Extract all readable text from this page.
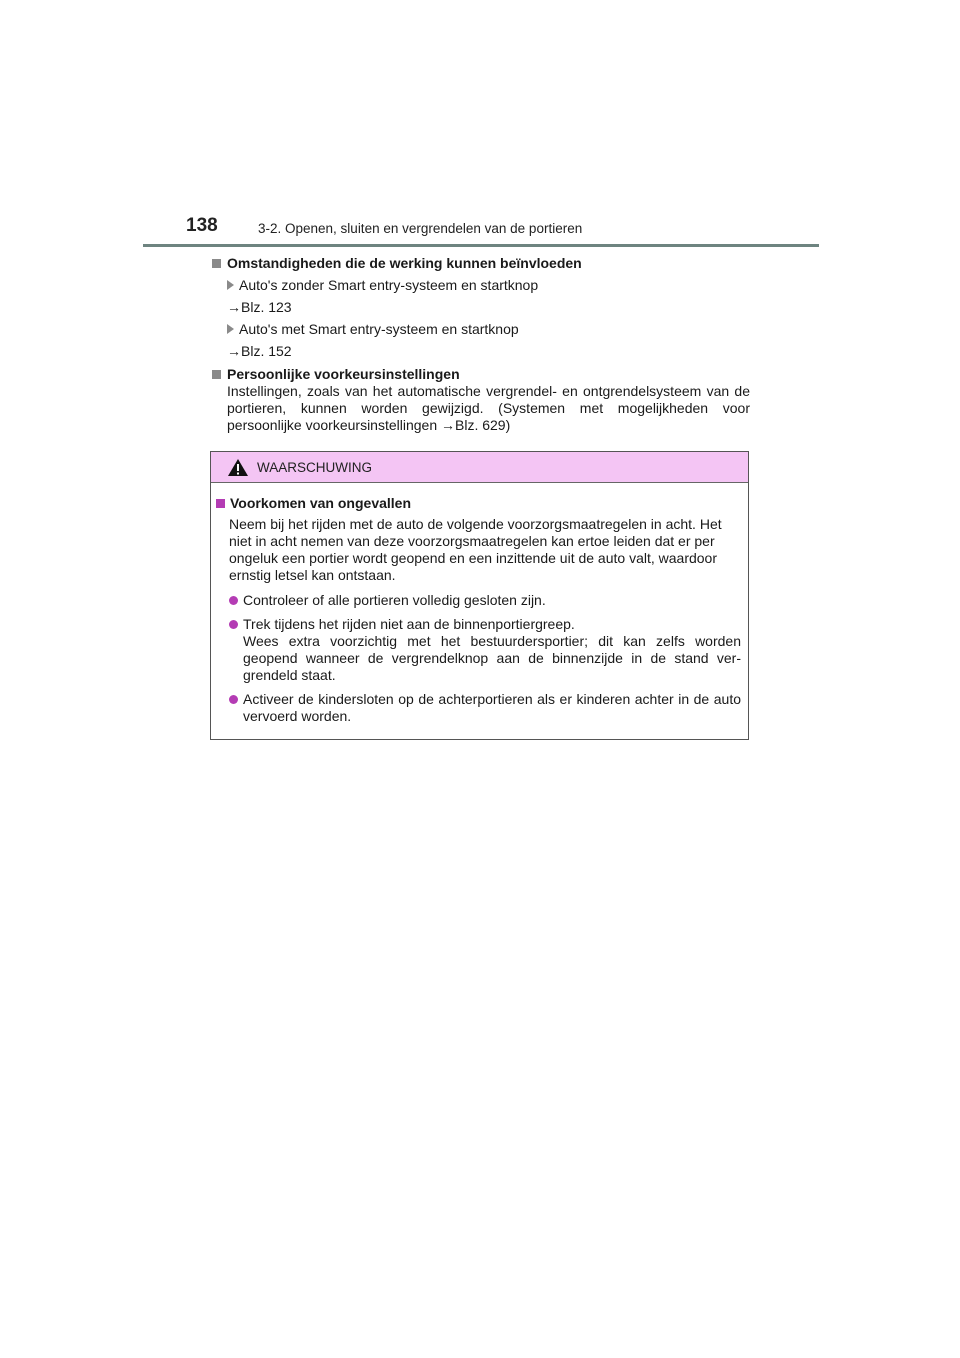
138	3-2. Openen, sluiten en vergrendelen van de portieren
Omstandigheden die de werking kunnen beïnvloeden
Auto's zonder Smart entry-systeem en startknop
→Blz. 123
Auto's met Smart entry-systeem en startknop
→Blz. 152
Persoonlijke voorkeursinstellingen
Instellingen, zoals van het automatische vergrendel- en ontgrendelsysteem van de portieren, kunnen worden gewijzigd. (Systemen met mogelijkheden voor persoonlijke voorkeursinstellingen →Blz. 629)
WAARSCHUWING
Voorkomen van ongevallen
Neem bij het rijden met de auto de volgende voorzorgsmaatregelen in acht. Het niet in acht nemen van deze voorzorgsmaatregelen kan ertoe leiden dat er per ongeluk een portier wordt geopend en een inzittende uit de auto valt, waardoor ernstig letsel kan ontstaan.
Controleer of alle portieren volledig gesloten zijn.
Trek tijdens het rijden niet aan de binnenportiergreep.
Wees extra voorzichtig met het bestuurdersportier; dit kan zelfs worden geopend wanneer de vergrendelknop aan de binnenzijde in de stand ver-grendeld staat.
Activeer de kindersloten op de achterportieren als er kinderen achter in de auto vervoerd worden.
